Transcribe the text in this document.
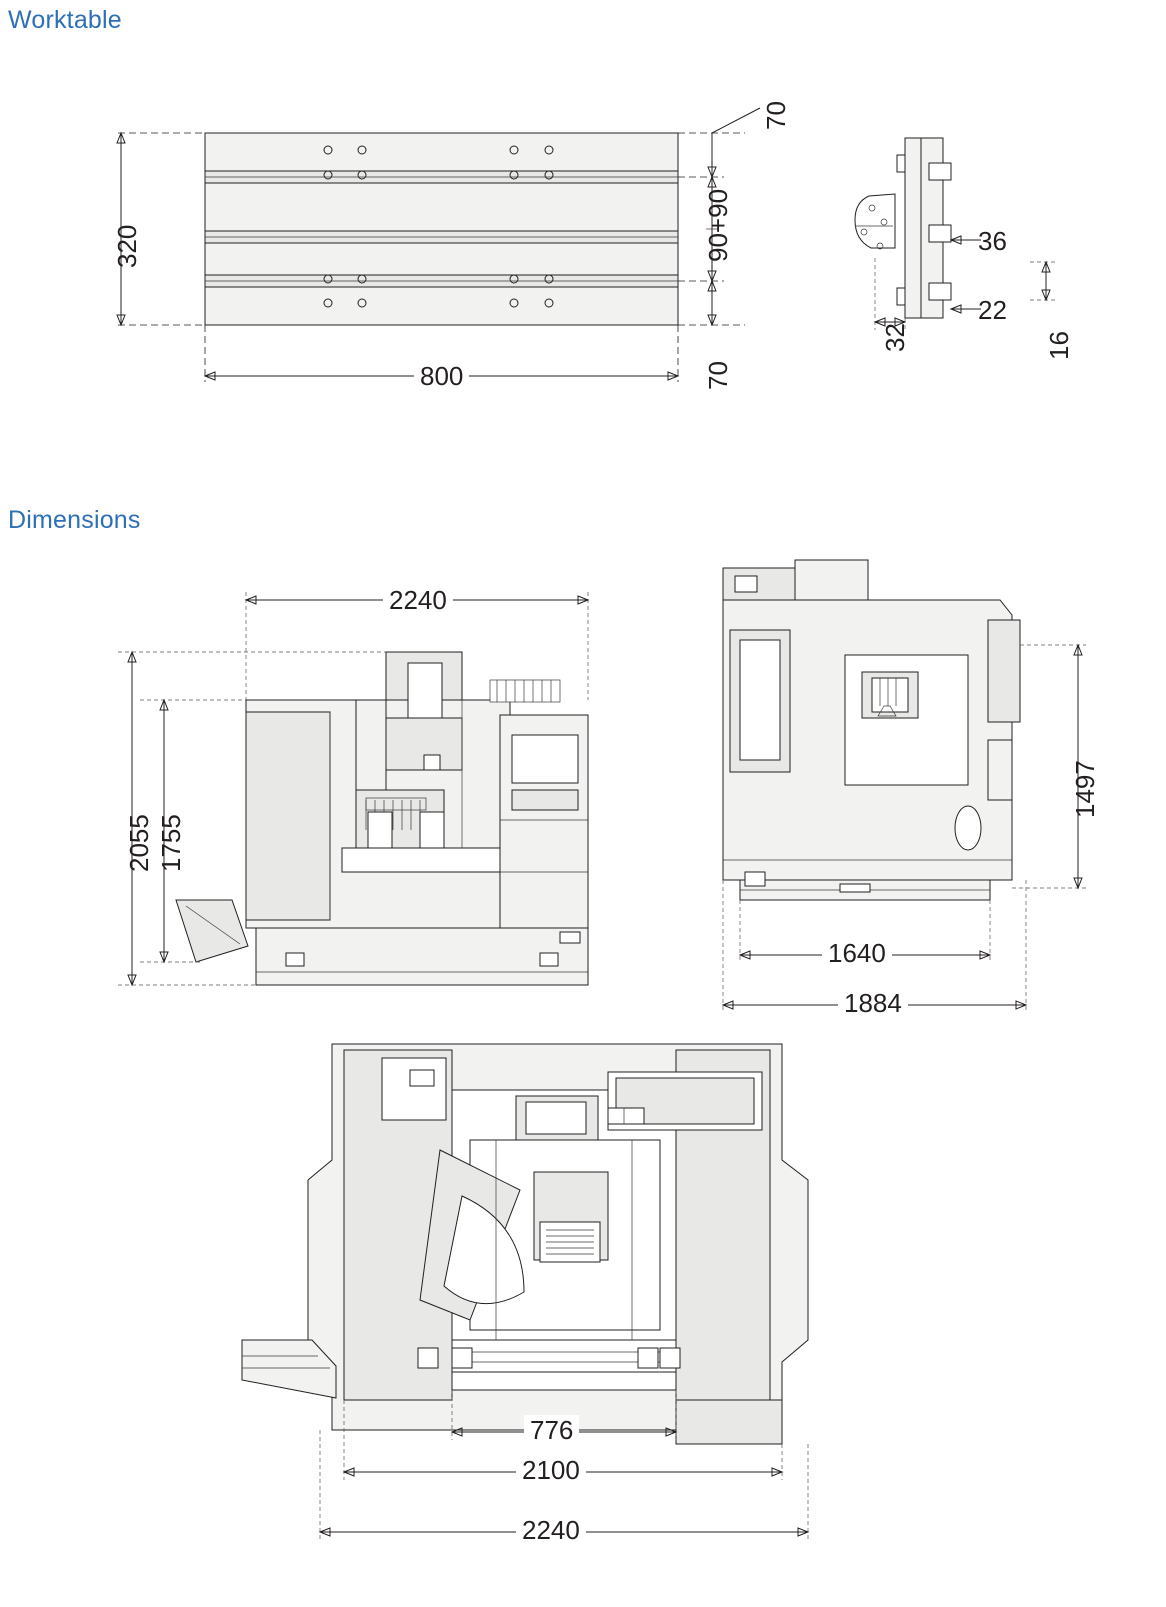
Worktable
Dimensions
320
800
90+90
70
70
36
22
32	16
2240
2055 1755
1497
1640
1884
776
2100
2240
